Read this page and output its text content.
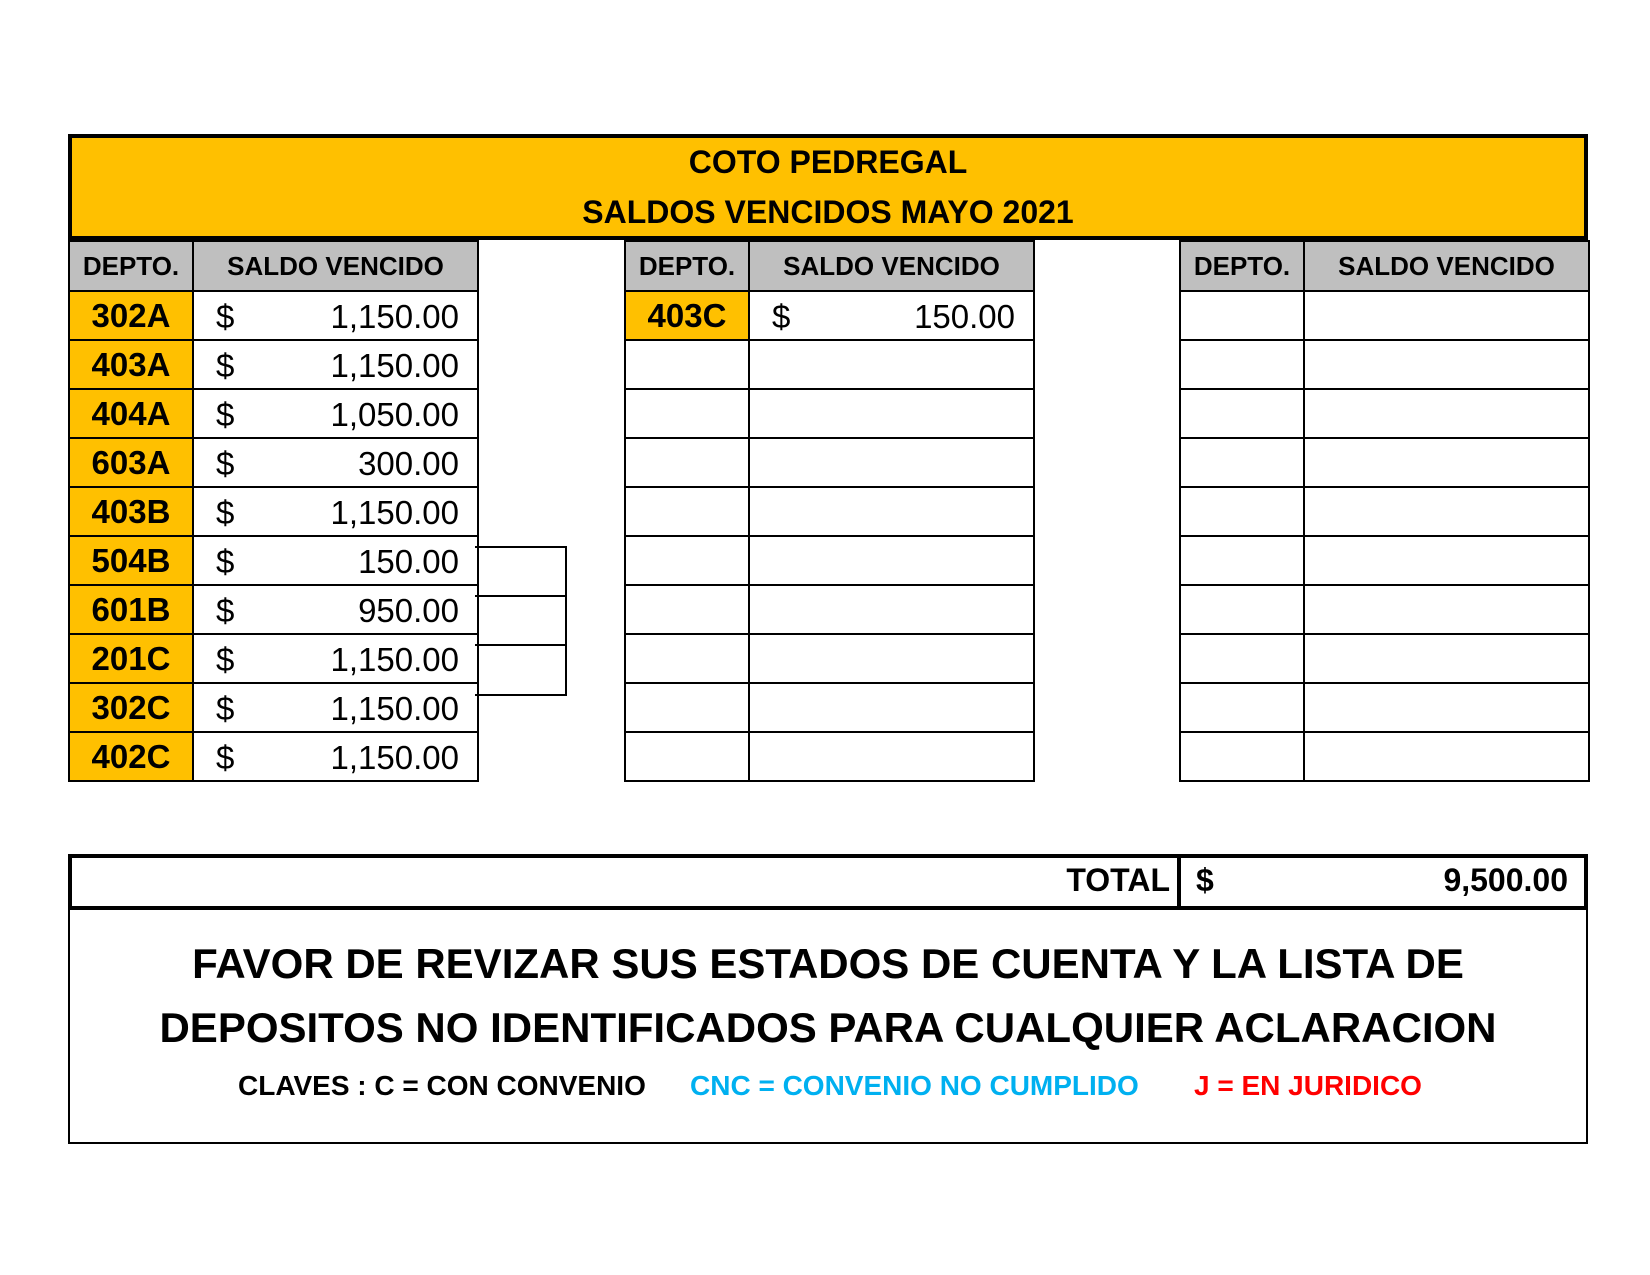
COTO PEDREGAL
SALDOS VENCIDOS MAYO 2021
DEPTO.	SALDO VENCIDO
302A	$ 1,150.00

403A	$ 1,150.00

404A	$ 1,050.00

603A	$ 300.00

403B	$ 1,150.00

504B	$ 150.00

601B	$ 950.00

201C	$ 1,150.00

302C	$ 1,150.00

402C	$ 1,150.00
DEPTO.	SALDO VENCIDO
403C	$ 150.00

DEPTO.	SALDO VENCIDO

TOTAL $	9,500.00
FAVOR DE REVIZAR SUS ESTADOS DE CUENTA Y LA LISTA DE
DEPOSITOS NO IDENTIFICADOS PARA CUALQUIER ACLARACION
CLAVES : C = CON CONVENIO CNC = CONVENIO NO CUMPLIDO J = EN JURIDICO
